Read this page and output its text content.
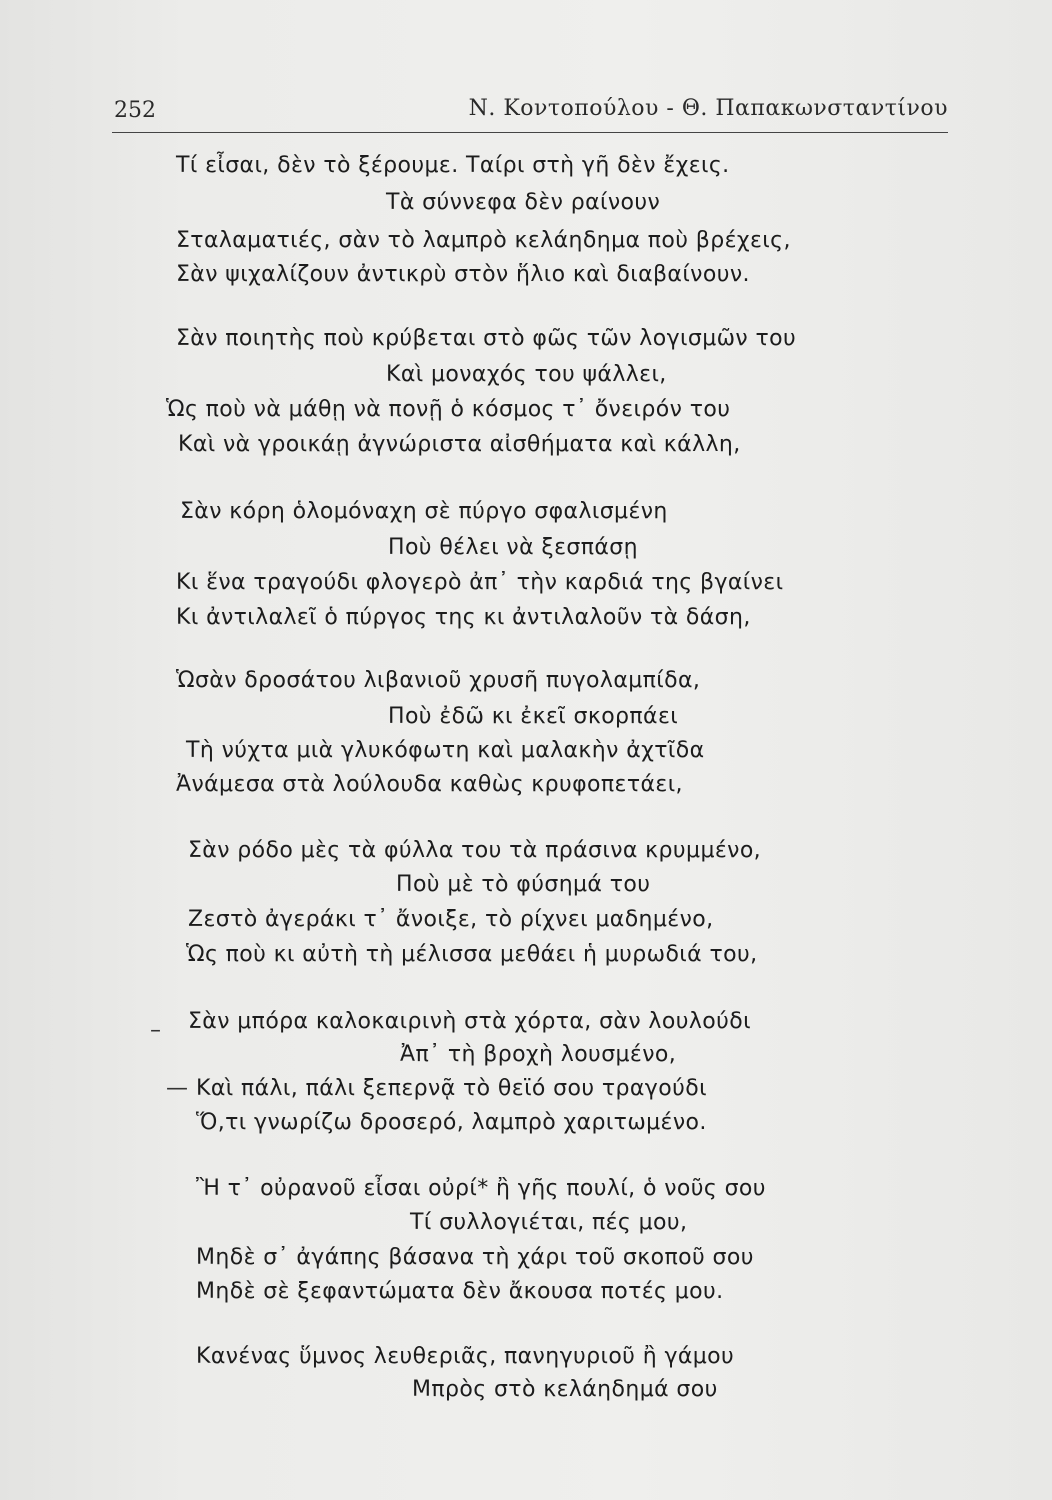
252	Ν. Κοντοπούλου - Θ. Παπακωνσταντίνου
Τί εἶσαι, δὲν τὸ ξέρουμε. Ταίρι στὴ γῆ δὲν ἔχεις.
Τὰ σύννεφα δὲν ραίνουν
Σταλαματιές, σὰν τὸ λαμπρὸ κελάηδημα ποὺ βρέχεις,
Σὰν ψιχαλίζουν ἀντικρὺ στὸν ἥλιο καὶ διαβαίνουν.
Σὰν ποιητὴς ποὺ κρύβεται στὸ φῶς τῶν λογισμῶν του
Καὶ μοναχός του ψάλλει,
Ὡς ποὺ νὰ μάθῃ νὰ πονῇ ὁ κόσμος τ᾿ ὄνειρόν του
Καὶ νὰ γροικάῃ ἀγνώριστα αἰσθήματα καὶ κάλλη,
Σὰν κόρη ὁλομόναχη σὲ πύργο σφαλισμένη
Ποὺ θέλει νὰ ξεσπάσῃ
Κι ἕνα τραγούδι φλογερὸ ἀπ᾿ τὴν καρδιά της βγαίνει
Κι ἀντιλαλεῖ ὁ πύργος της κι ἀντιλαλοῦν τὰ δάση,
Ὡσὰν δροσάτου λιβανιοῦ χρυσῆ πυγολαμπίδα,
Ποὺ ἐδῶ κι ἐκεῖ σκορπάει
Τὴ νύχτα μιὰ γλυκόφωτη καὶ μαλακὴν ἀχτῖδα
Ἀνάμεσα στὰ λούλουδα καθὼς κρυφοπετάει,
Σὰν ρόδο μὲς τὰ φύλλα του τὰ πράσινα κρυμμένο,
Ποὺ μὲ τὸ φύσημά του
Ζεστὸ ἀγεράκι τ᾿ ἄνοιξε, τὸ ρίχνει μαδημένο,
Ὡς ποὺ κι αὐτὴ τὴ μέλισσα μεθάει ἡ μυρωδιά του,
– Σὰν μπόρα καλοκαιρινὴ στὰ χόρτα, σὰν λουλούδι
Ἀπ᾿ τὴ βροχὴ λουσμένο,
— Καὶ πάλι, πάλι ξεπερνᾷ τὸ θεϊό σου τραγούδι
Ὅ,τι γνωρίζω δροσερό, λαμπρὸ χαριτωμένο.
Ἢ τ᾿ οὐρανοῦ εἶσαι οὐρί* ἢ γῆς πουλί, ὁ νοῦς σου
Τί συλλογιέται, πές μου,
Μηδὲ σ᾿ ἀγάπης βάσανα τὴ χάρι τοῦ σκοποῦ σου
Μηδὲ σὲ ξεφαντώματα δὲν ἄκουσα ποτές μου.
Κανένας ὕμνος λευθεριᾶς, πανηγυριοῦ ἢ γάμου
Μπρὸς στὸ κελάηδημά σου
